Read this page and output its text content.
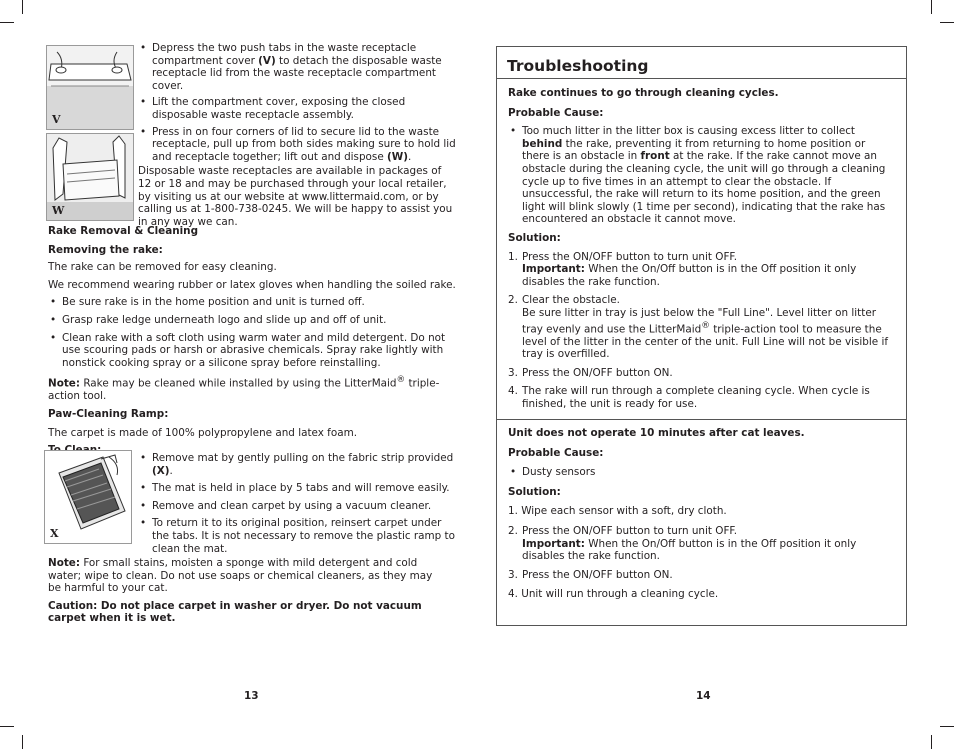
V
W

• Depress the two push tabs in the waste receptacle compartment cover (V) to detach the disposable waste receptacle lid from the waste receptacle compartment cover.

• Lift the compartment cover, exposing the closed disposable waste receptacle assembly.

• Press in on four corners of lid to secure lid to the waste receptacle, pull up from both sides making sure to hold lid and receptacle together; lift out and dispose (W).

Disposable waste receptacles are available in packages of 12 or 18 and may be purchased through your local retailer, by visiting us at our website at www.littermaid.com, or by calling us at 1-800-738-0245. We will be happy to assist you in any way we can.

Rake Removal & Cleaning

Removing the rake:

The rake can be removed for easy cleaning.

We recommend wearing rubber or latex gloves when handling the soiled rake.

• Be sure rake is in the home position and unit is turned off.

• Grasp rake ledge underneath logo and slide up and off of unit.

• Clean rake with a soft cloth using warm water and mild detergent. Do not use scouring pads or harsh or abrasive chemicals. Spray rake lightly with nonstick cooking spray or a silicone spray before reinstalling.

Note: Rake may be cleaned while installed by using the LitterMaid® triple-action tool.

Paw-Cleaning Ramp:

The carpet is made of 100% polypropylene and latex foam.

X

• Remove mat by gently pulling on the fabric strip provided (X).

• The mat is held in place by 5 tabs and will remove easily.

• Remove and clean carpet by using a vacuum cleaner.

• To return it to its original position, reinsert carpet under the tabs. It is not necessary to remove the plastic ramp to clean the mat.

Note: For small stains, moisten a sponge with mild detergent and cold water; wipe to clean. Do not use soaps or chemical cleaners, as they may be harmful to your cat.

Caution: Do not place carpet in washer or dryer. Do not vacuum carpet when it is wet.

13
Troubleshooting

Rake continues to go through cleaning cycles.

Probable Cause:

• Too much litter in the litter box is causing excess litter to collect behind the rake, preventing it from returning to home position or there is an obstacle in front at the rake. If the rake cannot move an obstacle during the cleaning cycle, the unit will go through a cleaning cycle up to five times in an attempt to clear the obstacle. If unsuccessful, the rake will return to its home position, and the green light will blink slowly (1 time per second), indicating that the rake has encountered an obstacle it cannot move.

Solution:

1. Press the ON/OFF button to turn unit OFF.

Important: When the On/Off button is in the Off position it only disables the rake function.

2. Clear the obstacle.

Be sure litter in tray is just below the "Full Line". Level litter on litter tray evenly and use the LitterMaid® triple-action tool to measure the level of the litter in the center of the unit. Full Line will not be visible if tray is overfilled.

3. Press the ON/OFF button ON.

4. The rake will run through a complete cleaning cycle. When cycle is finished, the unit is ready for use.

Unit does not operate 10 minutes after cat leaves.

Probable Cause:

• Dusty sensors

Solution:

1. Wipe each sensor with a soft, dry cloth.

2. Press the ON/OFF button to turn unit OFF.

Important: When the On/Off button is in the Off position it only disables the rake function.

3. Press the ON/OFF button ON.

4. Unit will run through a cleaning cycle.

14
